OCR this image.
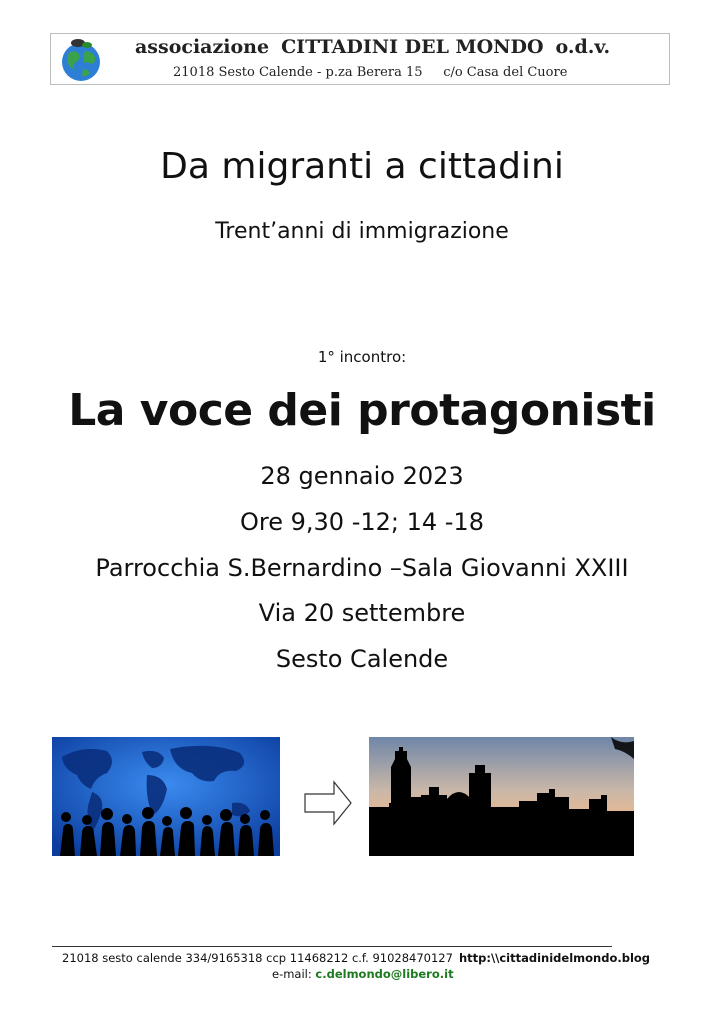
associazione CITTADINI DEL MONDO o.d.v.
21018 Sesto Calende - p.za Berera 15 c/o Casa del Cuore
Da migranti a cittadini
Trent’anni di immigrazione
1° incontro:
La voce dei protagonisti
28 gennaio 2023
Ore 9,30 -12; 14 -18
Parrocchia S.Bernardino –Sala Giovanni XXIII
Via 20 settembre
Sesto Calende
21018 sesto calende 334/9165318 ccp 11468212 c.f. 91028470127 http:\\cittadinidelmondo.blog
e-mail: c.delmondo@libero.it
